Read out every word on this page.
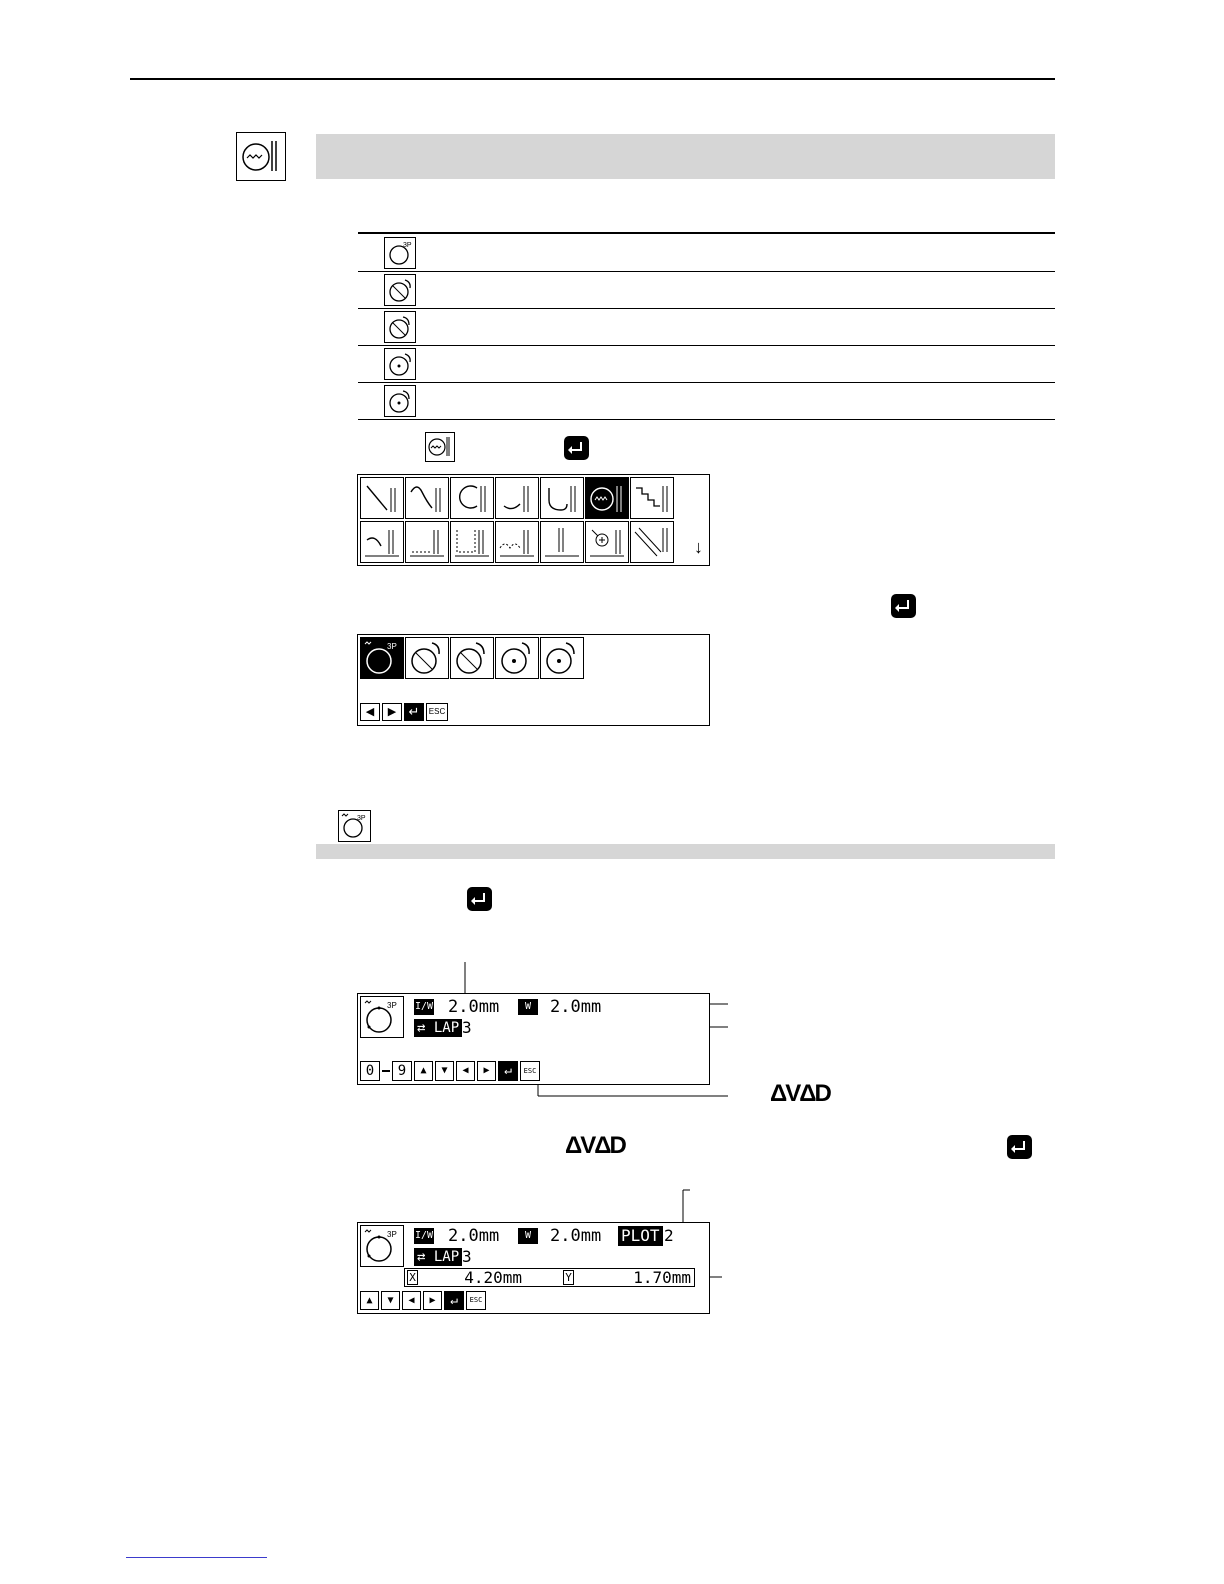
3P
↓
3P
◀	▶ ↵	ESC
3P
3P I/W 2.0mm	W	2.0mm
⇄ LAP 3
0	9	▲	▼	◀	▶	↵	ESC
ΔVΔD
ΔVΔD
3P I/W 2.0mm	W	2.0mm PLOT 2
⇄ LAP 3
X	4.20mm	Y	1.70mm
▲	▼	◀	▶	↵	ESC
